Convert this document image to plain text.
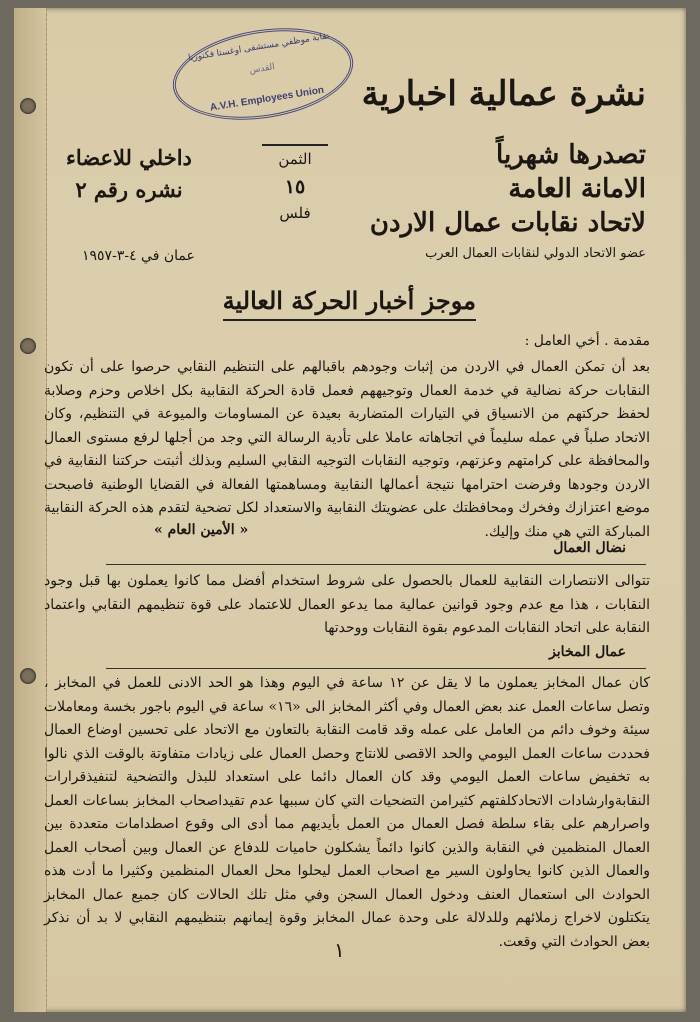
نقابة موظفي مستشفى اوغستا فكتوريا
القدس
A.V.H. Employees Union	نشرة عمالية اخبارية
تصدرها شهرياً
الامانة العامة
لاتحاد نقابات عمال الاردن
عضو الاتحاد الدولي لنقابات العمال العرب
الثمن
١٥
فلس
داخلي للاعضاء
نشره رقم ٢
عمان في ٤-٣-١٩٥٧
موجز أخبار الحركة العالية
مقدمة . أخي العامل :
بعد أن تمكن العمال في الاردن من إثبات وجودهم باقبالهم على التنظيم النقابي حرصوا على أن تكون النقابات حركة نضالية في خدمة العمال وتوجيههم فعمل قادة الحركة النقابية بكل اخلاص وحزم وصلابة لحفظ حركتهم من الانسياق في التيارات المتضاربة بعيدة عن المساومات والميوعة في التنظيم، وكان الاتحاد صلباً في عمله سليماً في اتجاهاته عاملا على تأدية الرسالة التي وجد من أجلها لرفع مستوى العمال والمحافظة على كرامتهم وعزتهم، وتوجيه النقابات التوجيه النقابي السليم وبذلك أثبتت حركتنا النقابية في الاردن وجودها وفرضت احترامها نتيجة أعمالها النقابية ومساهمتها الفعالة في القضايا الوطنية فاصبحت موضع اعتزازك وفخرك ومحافظتك على عضويتك النقابية والاستعداد لكل تضحية لتقدم هذه الحركة النقابية المباركة التي هي منك وإليك.
« الأمين العام »
نضال العمال
تتوالى الانتصارات النقابية للعمال بالحصول على شروط استخدام أفضل مما كانوا يعملون بها قبل وجود النقابات ، هذا مع عدم وجود قوانين عمالية مما يدعو العمال للاعتماد على قوة تنظيمهم النقابي واعتماد النقابة على اتحاد النقابات المدعوم بقوة النقابات ووحدتها
عمال المخابز
كان عمال المخابز يعملون ما لا يقل عن ١٢ ساعة في اليوم وهذا هو الحد الادنى للعمل في المخابز ، وتصل ساعات العمل عند بعض العمال وفي أكثر المخابز الى «١٦» ساعة في اليوم باجور بخسة ومعاملات سيئة وخوف دائم من العامل على عمله وقد قامت النقابة بالتعاون مع الاتحاد على تحسين اوضاع العمال فحددت ساعات العمل اليومي والحد الاقصى للانتاج وحصل العمال على زيادات متفاوتة بالوقت الذي نالوا به تخفيض ساعات العمل اليومي وقد كان العمال دائما على استعداد للبذل والتضحية لتنفيذقرارات النقابةوارشادات الاتحادكلفتهم كثيرامن التضحيات التي كان سببها عدم تقيداصحاب المخابز بساعات العمل واصرارهم على بقاء سلطة فصل العمال من العمل بأيديهم مما أدى الى وقوع اصطدامات متعددة بين العمال المنظمين في النقابة والذين كانوا دائماً يشكلون حاميات للدفاع عن العمال وبين أصحاب العمل والعمال الذين كانوا يحاولون السير مع اصحاب العمل ليحلوا محل العمال المنظمين وكثيرا ما أدت هذه الحوادث الى استعمال العنف ودخول العمال السجن وفي مثل تلك الحالات كان جميع عمال المخابز يتكتلون لاخراج زملائهم وللدلالة على وحدة عمال المخابز وقوة إيمانهم بتنظيمهم النقابي لا بد أن نذكر بعض الحوادث التي وقعت.
١
